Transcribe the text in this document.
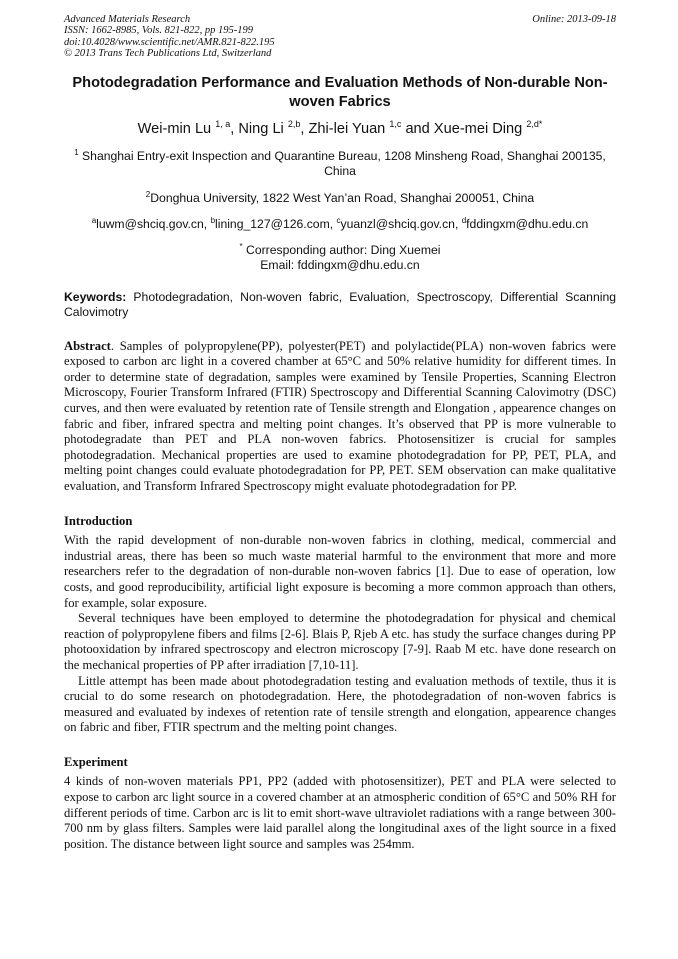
Advanced Materials Research
ISSN: 1662-8985, Vols. 821-822, pp 195-199
doi:10.4028/www.scientific.net/AMR.821-822.195
© 2013 Trans Tech Publications Ltd, Switzerland
Online: 2013-09-18
Photodegradation Performance and Evaluation Methods of Non-durable Non-woven Fabrics
Wei-min Lu $^{1, a}$, Ning Li $^{2,b}$, Zhi-lei Yuan $^{1,c}$ and Xue-mei Ding $^{2,d*}$
$^1$ Shanghai Entry-exit Inspection and Quarantine Bureau, 1208 Minsheng Road, Shanghai 200135, China
$^2$Donghua University, 1822 West Yan’an Road, Shanghai 200051, China
$^a$luwm@shciq.gov.cn, $^b$lining_127@126.com, $^c$yuanzl@shciq.gov.cn, $^d$fddingxm@dhu.edu.cn
* Corresponding author: Ding Xuemei
Email: fddingxm@dhu.edu.cn
Keywords: Photodegradation, Non-woven fabric, Evaluation, Spectroscopy, Differential Scanning Calovimotry

Abstract. Samples of polypropylene(PP), polyester(PET) and polylactide(PLA) non-woven fabrics were exposed to carbon arc light in a covered chamber at 65°C and 50% relative humidity for different times. In order to determine state of degradation, samples were examined by Tensile Properties, Scanning Electron Microscopy, Fourier Transform Infrared (FTIR) Spectroscopy and Differential Scanning Calovimotry (DSC) curves, and then were evaluated by retention rate of Tensile strength and Elongation , appearence changes on fabric and fiber, infrared spectra and melting point changes. It’s observed that PP is more vulnerable to photodegradate than PET and PLA non-woven fabrics. Photosensitizer is crucial for samples photodegradation. Mechanical properties are used to examine photodegradation for PP, PET, PLA, and melting point changes could evaluate photodegradation for PP, PET. SEM observation can make qualitative evaluation, and Transform Infrared Spectroscopy might evaluate photodegradation for PP.

Introduction

With the rapid development of non-durable non-woven fabrics in clothing, medical, commercial and industrial areas, there has been so much waste material harmful to the environment that more and more researchers refer to the degradation of non-durable non-woven fabrics [1]. Due to ease of operation, low costs, and good reproducibility, artificial light exposure is becoming a more common approach than others, for example, solar exposure.

Several techniques have been employed to determine the photodegradation for physical and chemical reaction of polypropylene fibers and films [2-6]. Blais P, Rjeb A etc. has study the surface changes during PP photooxidation by infrared spectroscopy and electron microscopy [7-9]. Raab M etc. have done research on the mechanical properties of PP after irradiation [7,10-11].

Little attempt has been made about photodegradation testing and evaluation methods of textile, thus it is crucial to do some research on photodegradation. Here, the photodegradation of non-woven fabrics is measured and evaluated by indexes of retention rate of tensile strength and elongation, appearence changes on fabric and fiber, FTIR spectrum and the melting point changes.

Experiment

4 kinds of non-woven materials PP1, PP2 (added with photosensitizer), PET and PLA were selected to expose to carbon arc light source in a covered chamber at an atmospheric condition of 65°C and 50% RH for different periods of time. Carbon arc is lit to emit short-wave ultraviolet radiations with a range between 300-700 nm by glass filters. Samples were laid parallel along the longitudinal axes of the light source in a fixed position. The distance between light source and samples was 254mm.
